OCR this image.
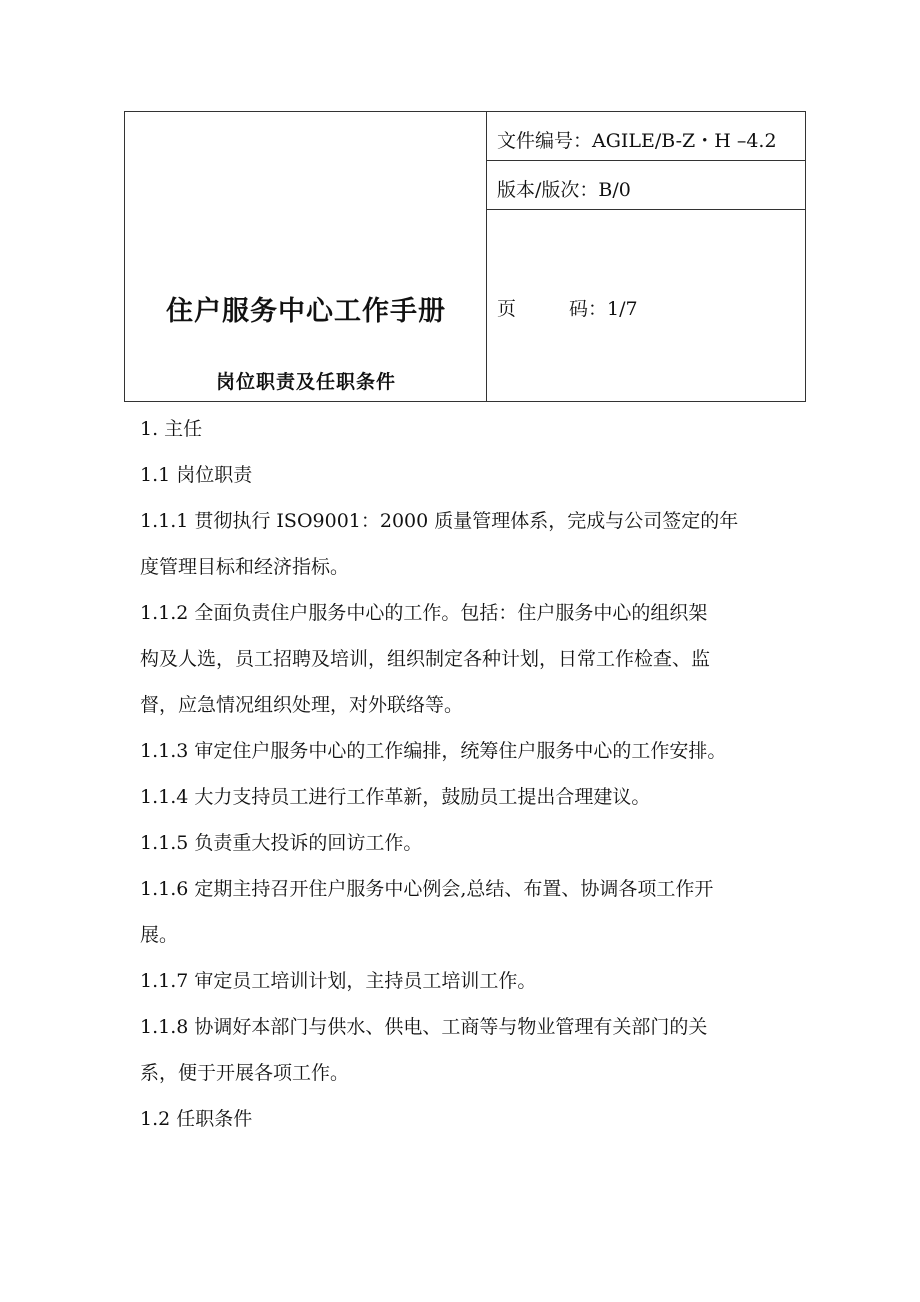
住户服务中心工作手册
岗位职责及任职条件
文件编号：AGILE/B-Z・H –4.2
版本/版次：B/0
页	码：1/7

1. 主任

1.1 岗位职责

1.1.1 贯彻执行 ISO9001：2000 质量管理体系，完成与公司签定的年

度管理目标和经济指标。

1.1.2 全面负责住户服务中心的工作。包括：住户服务中心的组织架

构及人选，员工招聘及培训，组织制定各种计划，日常工作检查、监

督，应急情况组织处理，对外联络等。

1.1.3 审定住户服务中心的工作编排，统筹住户服务中心的工作安排。

1.1.4 大力支持员工进行工作革新，鼓励员工提出合理建议。

1.1.5 负责重大投诉的回访工作。

1.1.6 定期主持召开住户服务中心例会,总结、布置、协调各项工作开

展。

1.1.7 审定员工培训计划，主持员工培训工作。

1.1.8 协调好本部门与供水、供电、工商等与物业管理有关部门的关

系，便于开展各项工作。

1.2 任职条件
